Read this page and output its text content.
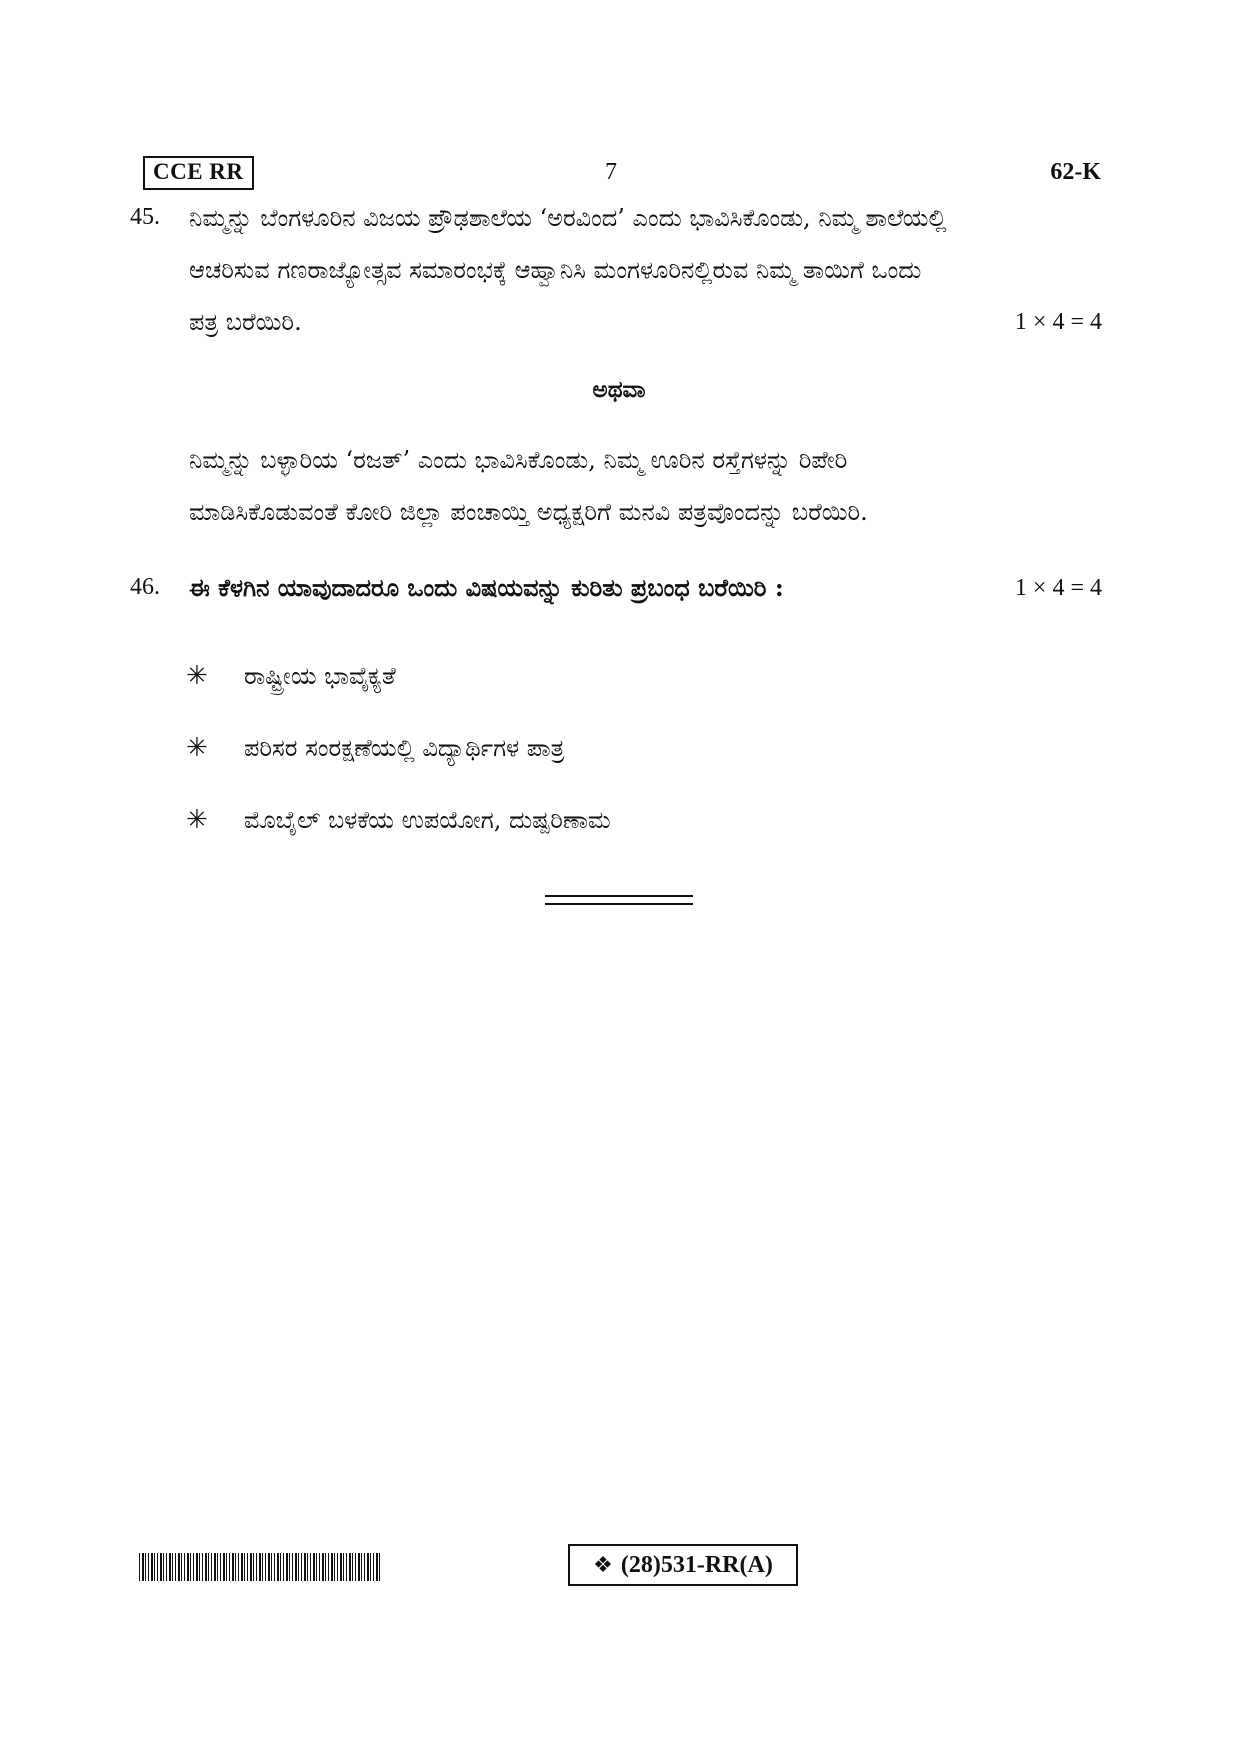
CCE RR	7	62-K
45. ನಿಮ್ಮನ್ನು ಬೆಂಗಳೂರಿನ ವಿಜಯ ಪ್ರೌಢಶಾಲೆಯ ‘ಅರವಿಂದ’ ಎಂದು ಭಾವಿಸಿಕೊಂಡು, ನಿಮ್ಮ ಶಾಲೆಯಲ್ಲಿ
ಆಚರಿಸುವ ಗಣರಾಜ್ಯೋತ್ಸವ ಸಮಾರಂಭಕ್ಕೆ ಆಹ್ವಾನಿಸಿ ಮಂಗಳೂರಿನಲ್ಲಿರುವ ನಿಮ್ಮ ತಾಯಿಗೆ ಒಂದು
ಪತ್ರ ಬರೆಯಿರಿ.	1 × 4 = 4
ಅಥವಾ
ನಿಮ್ಮನ್ನು ಬಳ್ಳಾರಿಯ ‘ರಜತ್’ ಎಂದು ಭಾವಿಸಿಕೊಂಡು, ನಿಮ್ಮ ಊರಿನ ರಸ್ತೆಗಳನ್ನು ರಿಪೇರಿ
ಮಾಡಿಸಿಕೊಡುವಂತೆ ಕೋರಿ ಜಿಲ್ಲಾ ಪಂಚಾಯ್ತಿ ಅಧ್ಯಕ್ಷರಿಗೆ ಮನವಿ ಪತ್ರವೊಂದನ್ನು ಬರೆಯಿರಿ.
46. ಈ ಕೆಳಗಿನ ಯಾವುದಾದರೂ ಒಂದು ವಿಷಯವನ್ನು ಕುರಿತು ಪ್ರಬಂಧ ಬರೆಯಿರಿ :	1 × 4 = 4
✳	ರಾಷ್ಟ್ರೀಯ ಭಾವೈಕ್ಯತೆ
✳	ಪರಿಸರ ಸಂರಕ್ಷಣೆಯಲ್ಲಿ ವಿದ್ಯಾರ್ಥಿಗಳ ಪಾತ್ರ
✳	ಮೊಬೈಲ್ ಬಳಕೆಯ ಉಪಯೋಗ, ದುಷ್ಪರಿಣಾಮ
❖ (28)531-RR(A)
